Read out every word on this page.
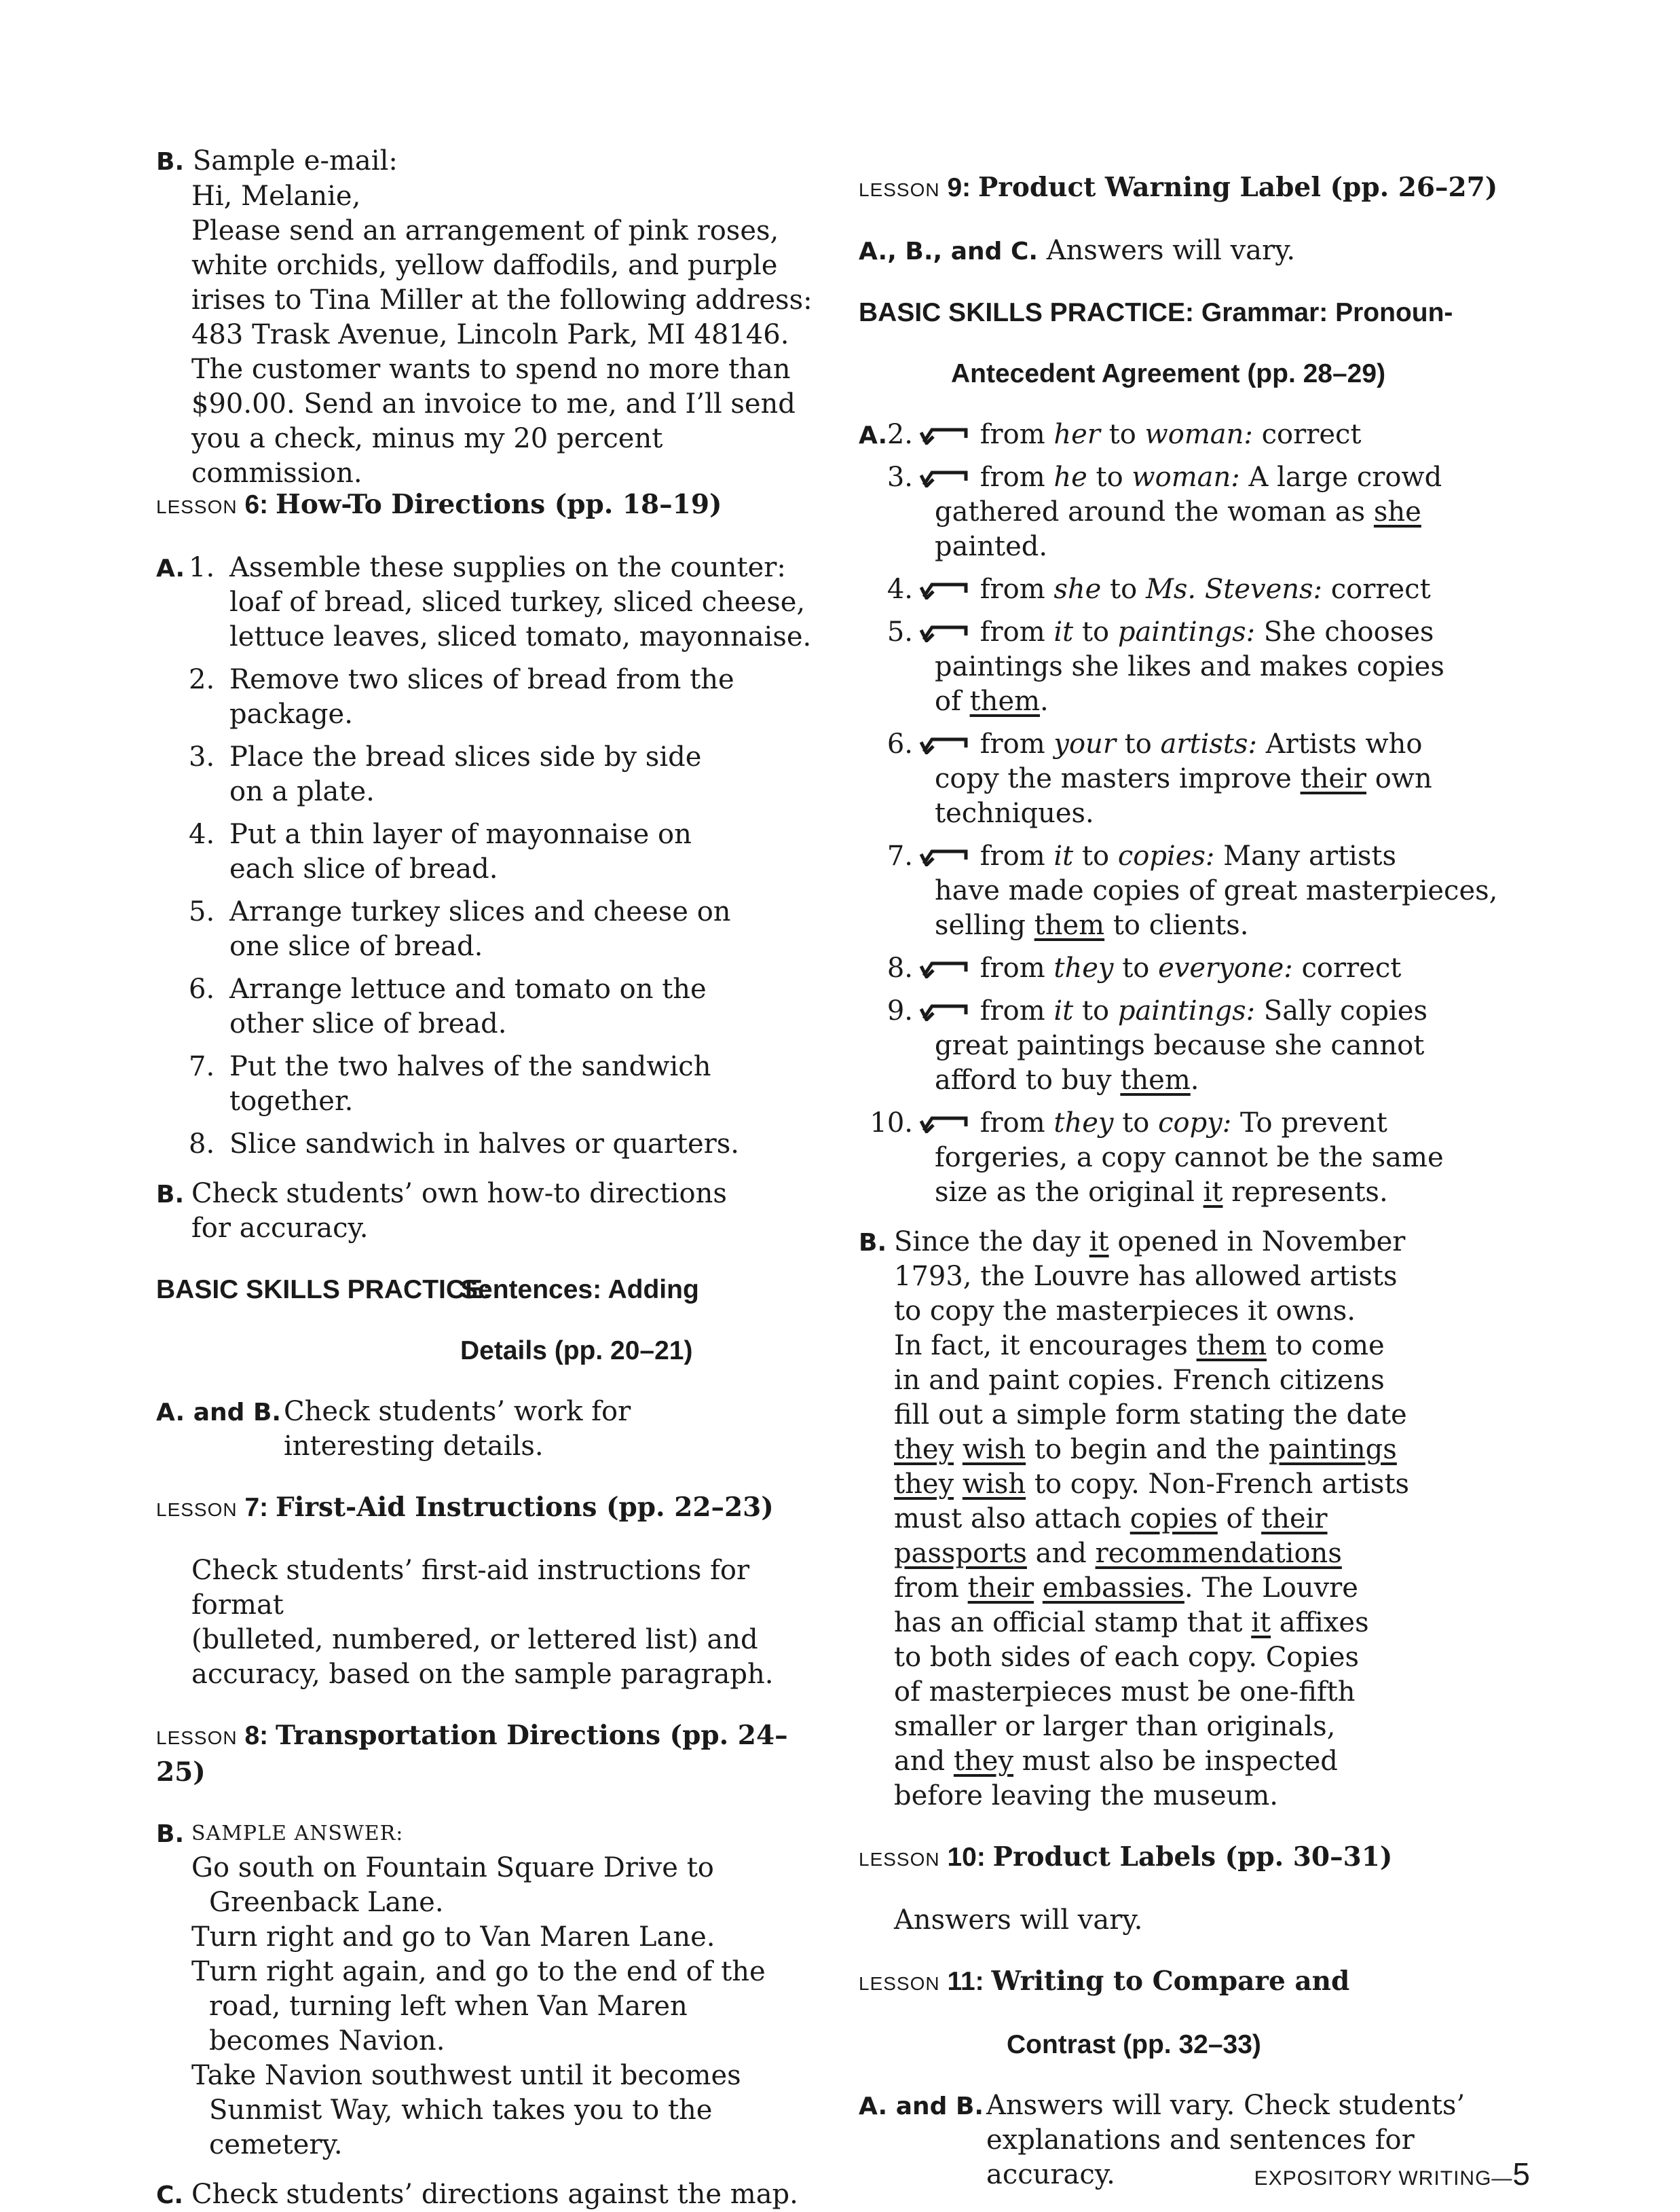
B. Sample e-mail:

Hi, Melanie,

Please send an arrangement of pink roses,

white orchids, yellow daffodils, and purple

irises to Tina Miller at the following address:

483 Trask Avenue, Lincoln Park, MI 48146.

The customer wants to spend no more than

$90.00. Send an invoice to me, and I’ll send

you a check, minus my 20 percent commission.

LESSON 6: How-To Directions (pp. 18–19)

A. 1. Assemble these supplies on the counter:

loaf of bread, sliced turkey, sliced cheese,

lettuce leaves, sliced tomato, mayonnaise.

2. Remove two slices of bread from the

package.

3. Place the bread slices side by side

on a plate.

4. Put a thin layer of mayonnaise on

each slice of bread.

5. Arrange turkey slices and cheese on

one slice of bread.

6. Arrange lettuce and tomato on the

other slice of bread.

7. Put the two halves of the sandwich

together.

8. Slice sandwich in halves or quarters.

B. Check students’ own how-to directions

for accuracy.

BASIC SKILLS PRACTICE:

Sentences: Adding

Details (pp. 20–21)

A. and B. Check students’ work for

interesting details.

LESSON 7: First-Aid Instructions (pp. 22–23)

Check students’ first-aid instructions for format

(bulleted, numbered, or lettered list) and

accuracy, based on the sample paragraph.

LESSON 8: Transportation Directions (pp. 24–25)

B. SAMPLE ANSWER:

Go south on Fountain Square Drive to

Greenback Lane.

Turn right and go to Van Maren Lane.

Turn right again, and go to the end of the

road, turning left when Van Maren

becomes Navion.

Take Navion southwest until it becomes

Sunmist Way, which takes you to the

cemetery.

C. Check students’ directions against the map.

LESSON 9: Product Warning Label (pp. 26–27)

A., B., and C. Answers will vary.

BASIC SKILLS PRACTICE: Grammar: Pronoun-

Antecedent Agreement (pp. 28–29)

A. 2.	from her to woman: correct

3.	from he to woman: A large crowd

gathered around the woman as she

painted.

4.	from she to Ms. Stevens: correct

5.	from it to paintings: She chooses

paintings she likes and makes copies

of them.

6.	from your to artists: Artists who

copy the masters improve their own

techniques.

7.	from it to copies: Many artists

have made copies of great masterpieces,

selling them to clients.

8.	from they to everyone: correct

9.	from it to paintings: Sally copies

great paintings because she cannot

afford to buy them.

10.	from they to copy: To prevent

forgeries, a copy cannot be the same

size as the original it represents.

B. Since the day it opened in November

1793, the Louvre has allowed artists

to copy the masterpieces it owns.

In fact, it encourages them to come

in and paint copies. French citizens

fill out a simple form stating the date

they wish to begin and the paintings

they wish to copy. Non-French artists

must also attach copies of their

passports and recommendations

from their embassies. The Louvre

has an official stamp that it affixes

to both sides of each copy. Copies

of masterpieces must be one-fifth

smaller or larger than originals,

and they must also be inspected

before leaving the museum.

LESSON 10: Product Labels (pp. 30–31)

Answers will vary.

LESSON 11: Writing to Compare and

Contrast (pp. 32–33)

A. and B. Answers will vary. Check students’

explanations and sentences for

accuracy.	EXPOSITORY WRITING—5
